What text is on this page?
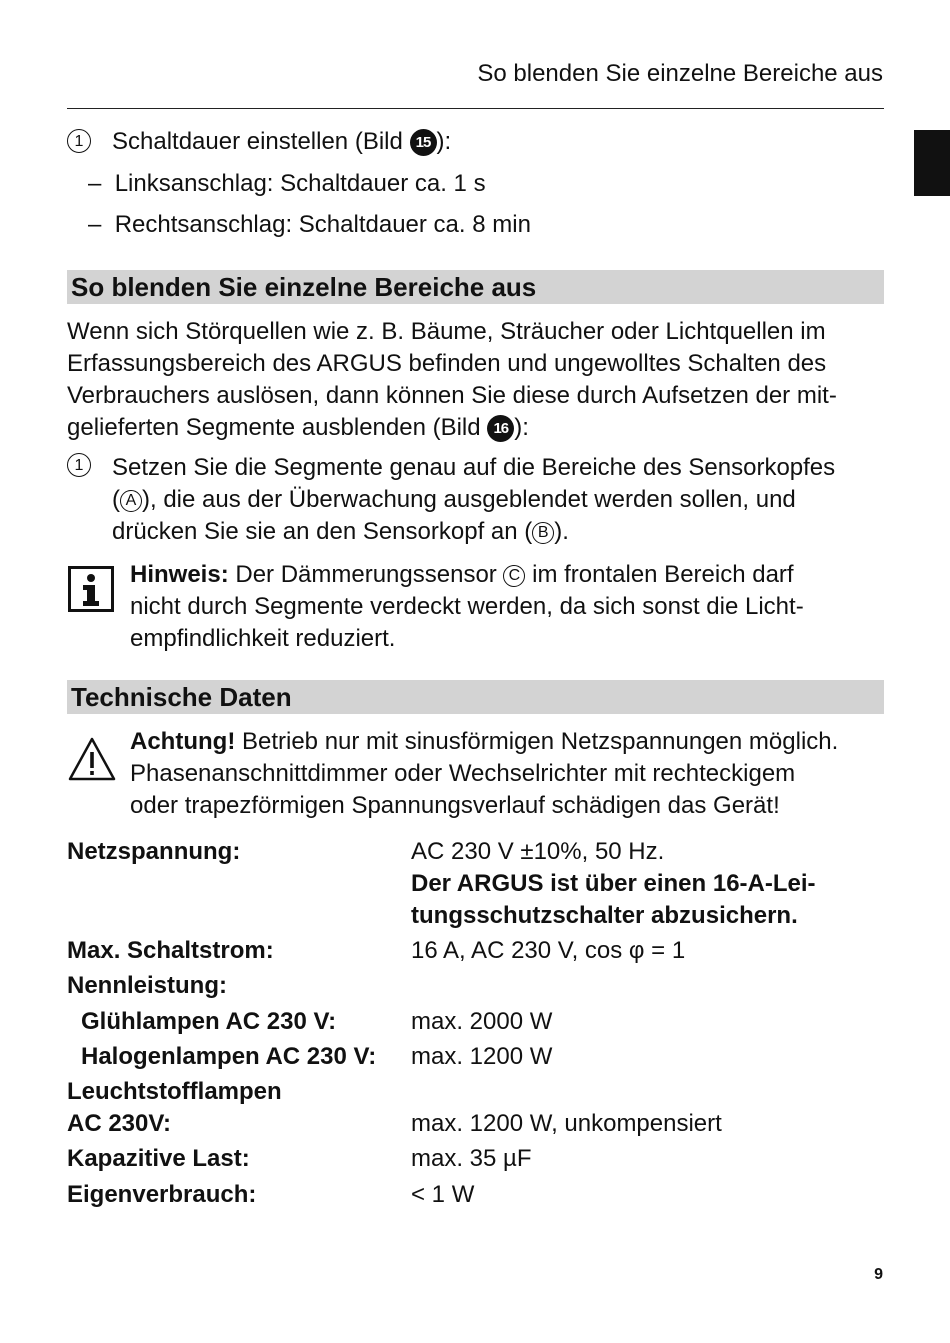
So blenden Sie einzelne Bereiche aus
1 Schaltdauer einstellen (Bild 15 ):
–  Linksanschlag: Schaltdauer ca. 1 s
–  Rechtsanschlag: Schaltdauer ca. 8 min
So blenden Sie einzelne Bereiche aus
Wenn sich Störquellen wie z. B. Bäume, Sträucher oder Lichtquellen im
Erfassungsbereich des ARGUS befinden und ungewolltes Schalten des
Verbrauchers auslösen, dann können Sie diese durch Aufsetzen der mit-
gelieferten Segmente ausblenden (Bild 16 ):
1	Setzen Sie die Segmente genau auf die Bereiche des Sensorkopfes
( A ), die aus der Überwachung ausgeblendet werden sollen, und
drücken Sie sie an den Sensorkopf an ( B ).
Hinweis: Der Dämmerungssensor C im frontalen Bereich darf
nicht durch Segmente verdeckt werden, da sich sonst die Licht-
empfindlichkeit reduziert.
Technische Daten
Achtung! Betrieb nur mit sinusförmigen Netzspannungen möglich.
Phasenanschnittdimmer oder Wechselrichter mit rechteckigem
oder trapezförmigen Spannungsverlauf schädigen das Gerät!
Netzspannung:	AC 230 V ±10%, 50 Hz.
Der ARGUS ist über einen 16-A-Lei-
tungsschutzschalter abzusichern.
Max. Schaltstrom:	16 A, AC 230 V, cos φ = 1
Nennleistung:
Glühlampen AC 230 V:	max. 2000 W
Halogenlampen AC 230 V: max. 1200 W
Leuchtstofflampen
AC 230V:	max. 1200 W, unkompensiert
Kapazitive Last:	max. 35 µF
Eigenverbrauch:	< 1 W
9
